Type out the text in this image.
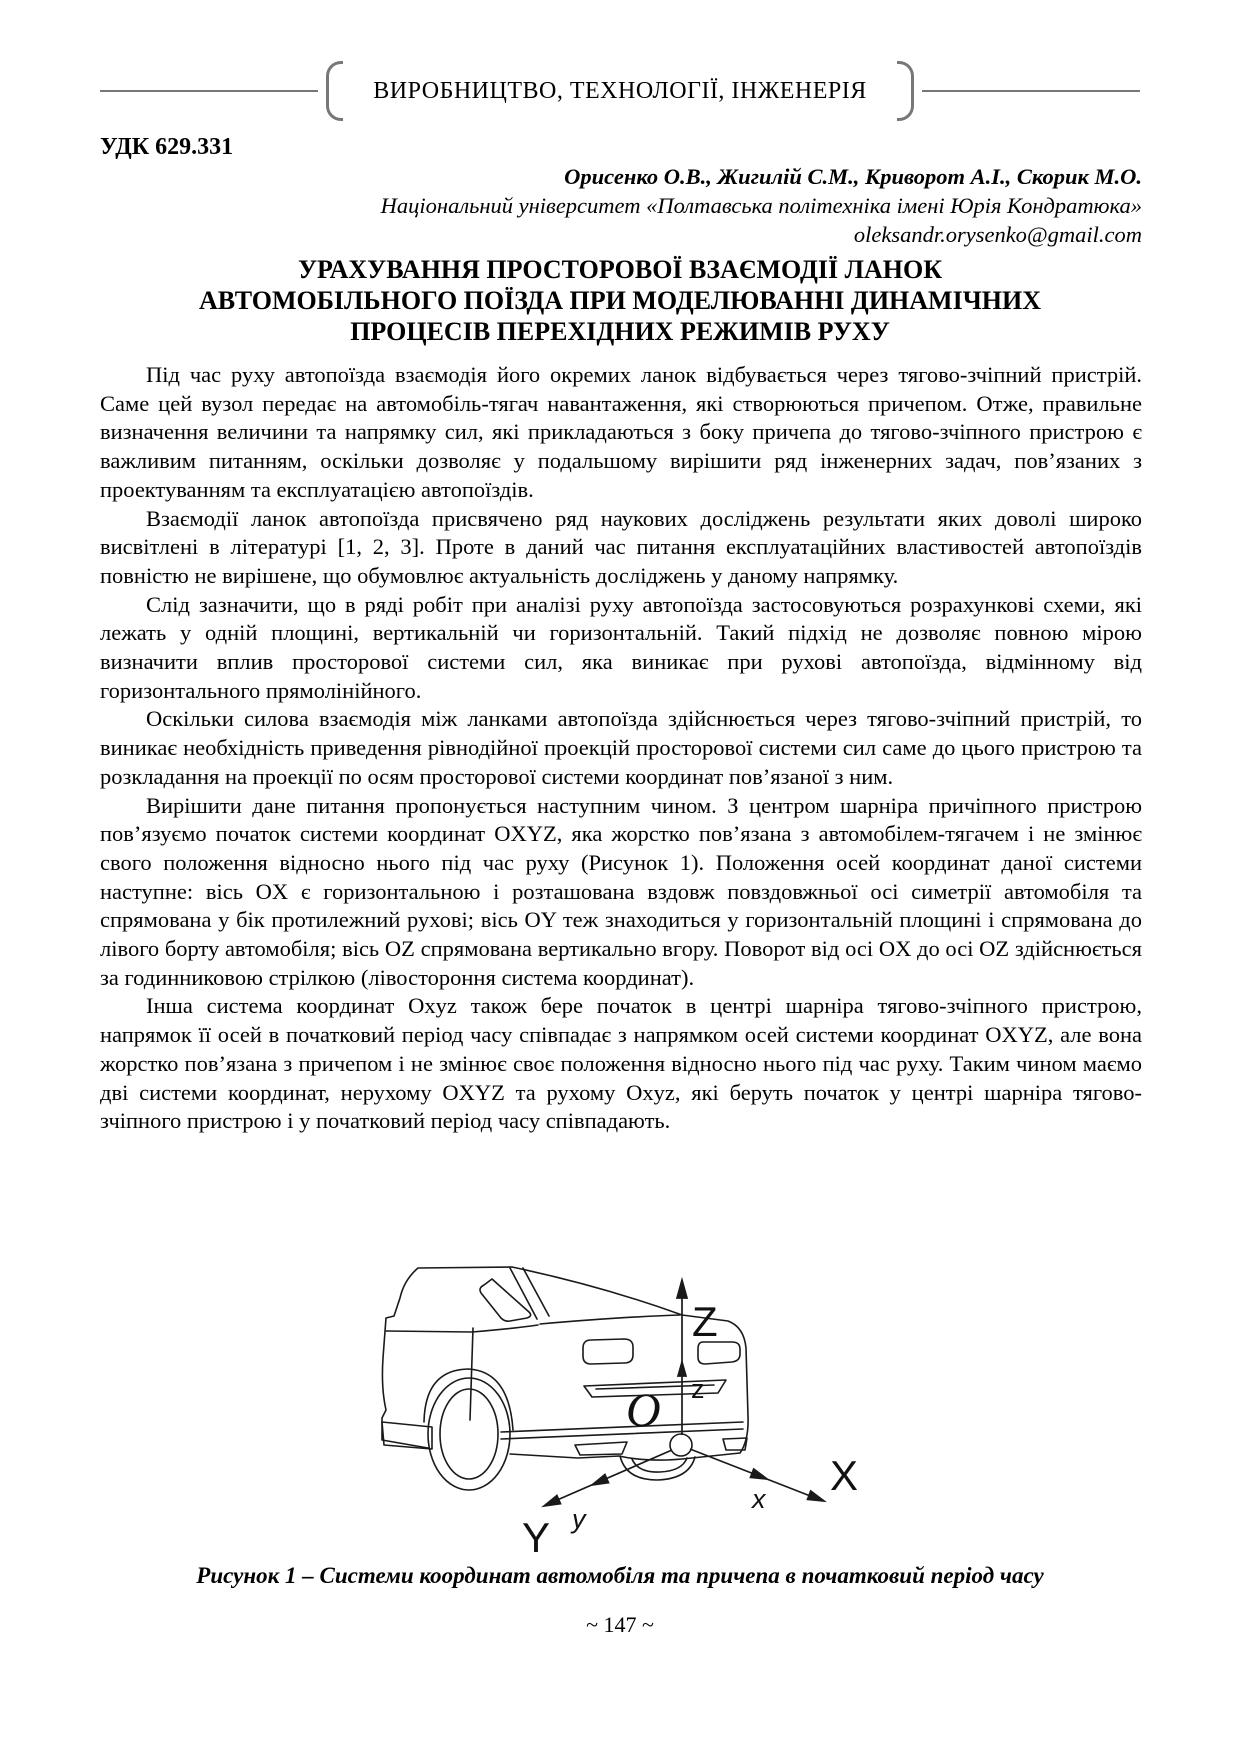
ВИРОБНИЦТВО, ТЕХНОЛОГІЇ, ІНЖЕНЕРІЯ
УДК 629.331
Орисенко О.В., Жигилій С.М., Криворот А.І., Скорик М.О.
Національний університет «Полтавська політехніка імені Юрія Кондратюка»
oleksandr.orysenko@gmail.com
УРАХУВАННЯ ПРОСТОРОВОЇ ВЗАЄМОДІЇ ЛАНОК
АВТОМОБІЛЬНОГО ПОЇЗДА ПРИ МОДЕЛЮВАННІ ДИНАМІЧНИХ
ПРОЦЕСІВ ПЕРЕХІДНИХ РЕЖИМІВ РУХУ

Під час руху автопоїзда взаємодія його окремих ланок відбувається через тягово-зчіпний пристрій. Саме цей вузол передає на автомобіль-тягач навантаження, які створюються причепом. Отже, правильне визначення величини та напрямку сил, які прикладаються з боку причепа до тягово-зчіпного пристрою є важливим питанням, оскільки дозволяє у подальшому вирішити ряд інженерних задач, пов’язаних з проектуванням та експлуатацією автопоїздів.

Взаємодії ланок автопоїзда присвячено ряд наукових досліджень результати яких доволі широко висвітлені в літературі [1, 2, 3]. Проте в даний час питання експлуатаційних властивостей автопоїздів повністю не вирішене, що обумовлює актуальність досліджень у даному напрямку.

Слід зазначити, що в ряді робіт при аналізі руху автопоїзда застосовуються розрахункові схеми, які лежать у одній площині, вертикальній чи горизонтальній. Такий підхід не дозволяє повною мірою визначити вплив просторової системи сил, яка виникає при рухові автопоїзда, відмінному від горизонтального прямолінійного.

Оскільки силова взаємодія між ланками автопоїзда здійснюється через тягово-зчіпний пристрій, то виникає необхідність приведення рівнодійної проекцій просторової системи сил саме до цього пристрою та розкладання на проекції по осям просторової системи координат пов’язаної з ним.

Вирішити дане питання пропонується наступним чином. З центром шарніра причіпного пристрою пов’язуємо початок системи координат OXYZ, яка жорстко пов’язана з автомобілем-тягачем і не змінює свого положення відносно нього під час руху (Рисунок 1). Положення осей координат даної системи наступне: вісь OX є горизонтальною і розташована вздовж повздовжньої осі симетрії автомобіля та спрямована у бік протилежний рухові; вісь OY теж знаходиться у горизонтальній площині і спрямована до лівого борту автомобіля; вісь OZ спрямована вертикально вгору. Поворот від осі OX до осі OZ здійснюється за годинниковою стрілкою (лівостороння система координат).

Інша система координат Oxyz також бере початок в центрі шарніра тягово-зчіпного пристрою, напрямок її осей в початковий період часу співпадає з напрямком осей системи координат OXYZ, але вона жорстко пов’язана з причепом і не змінює своє положення відносно нього під час руху. Таким чином маємо дві системи координат, нерухому OXYZ та рухому Oxyz, які беруть початок у центрі шарніра тягово-зчіпного пристрою і у початковий період часу співпадають.

Z
z
O
X
x
Y y
Рисунок 1 – Системи координат автомобіля та причепа в початковий період часу
~ 147 ~
